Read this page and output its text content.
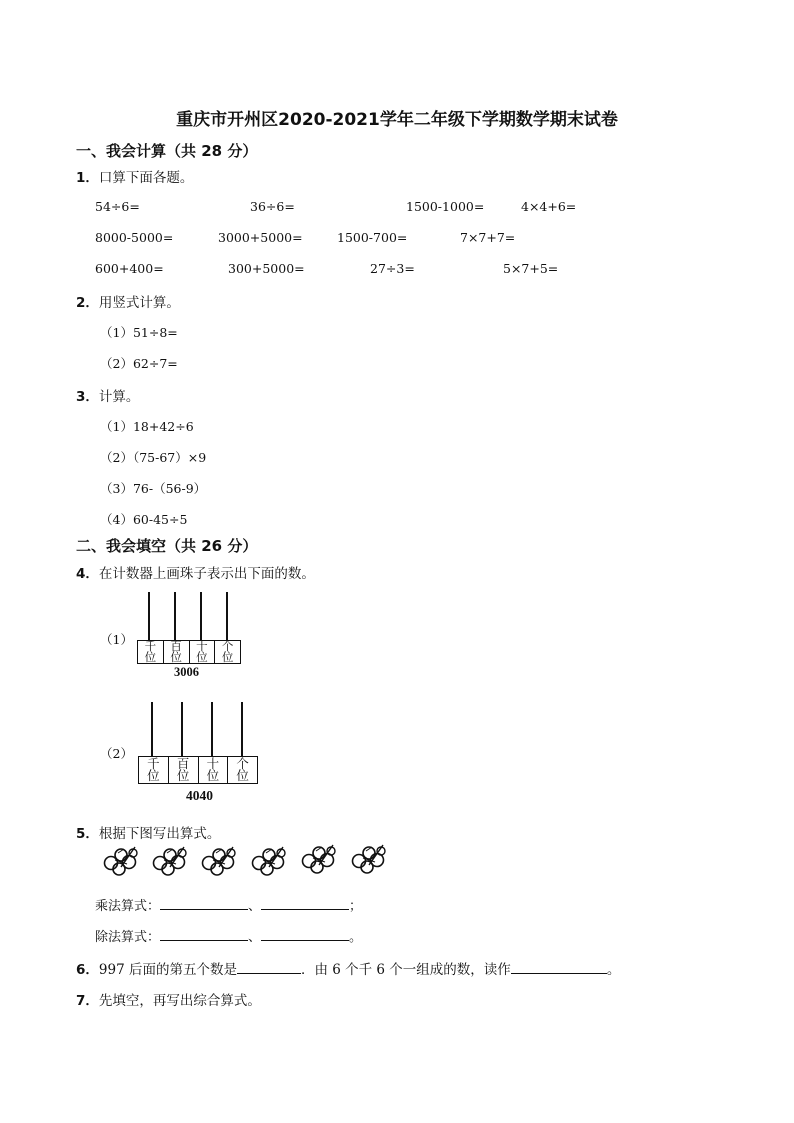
重庆市开州区2020-2021学年二年级下学期数学期末试卷
一、我会计算（共 28 分）
1．口算下面各题。
54÷6=	36÷6=	1500-1000=	4×4+6=
8000-5000=	3000+5000=	1500-700=	7×7+7=
600+400=	300+5000=	27÷3=	5×7+5=
2．用竖式计算。
（1）51÷8=
（2）62÷7=
3．计算。
（1）18+42÷6
（2）（75-67）×9
（3）76-（56-9）
（4）60-45÷5
二、我会填空（共 26 分）
4．在计数器上画珠子表示出下面的数。
（1） 千
位
百
位
十
位
个
位
3006
（2）
千
位
百
位
十
位
个
位
4040
5．根据下图写出算式。
乘法算式：	、	；
除法算式：	、	。
6．997 后面的第五个数是	．由 6 个千 6 个一组成的数，读作	。
7．先填空，再写出综合算式。
